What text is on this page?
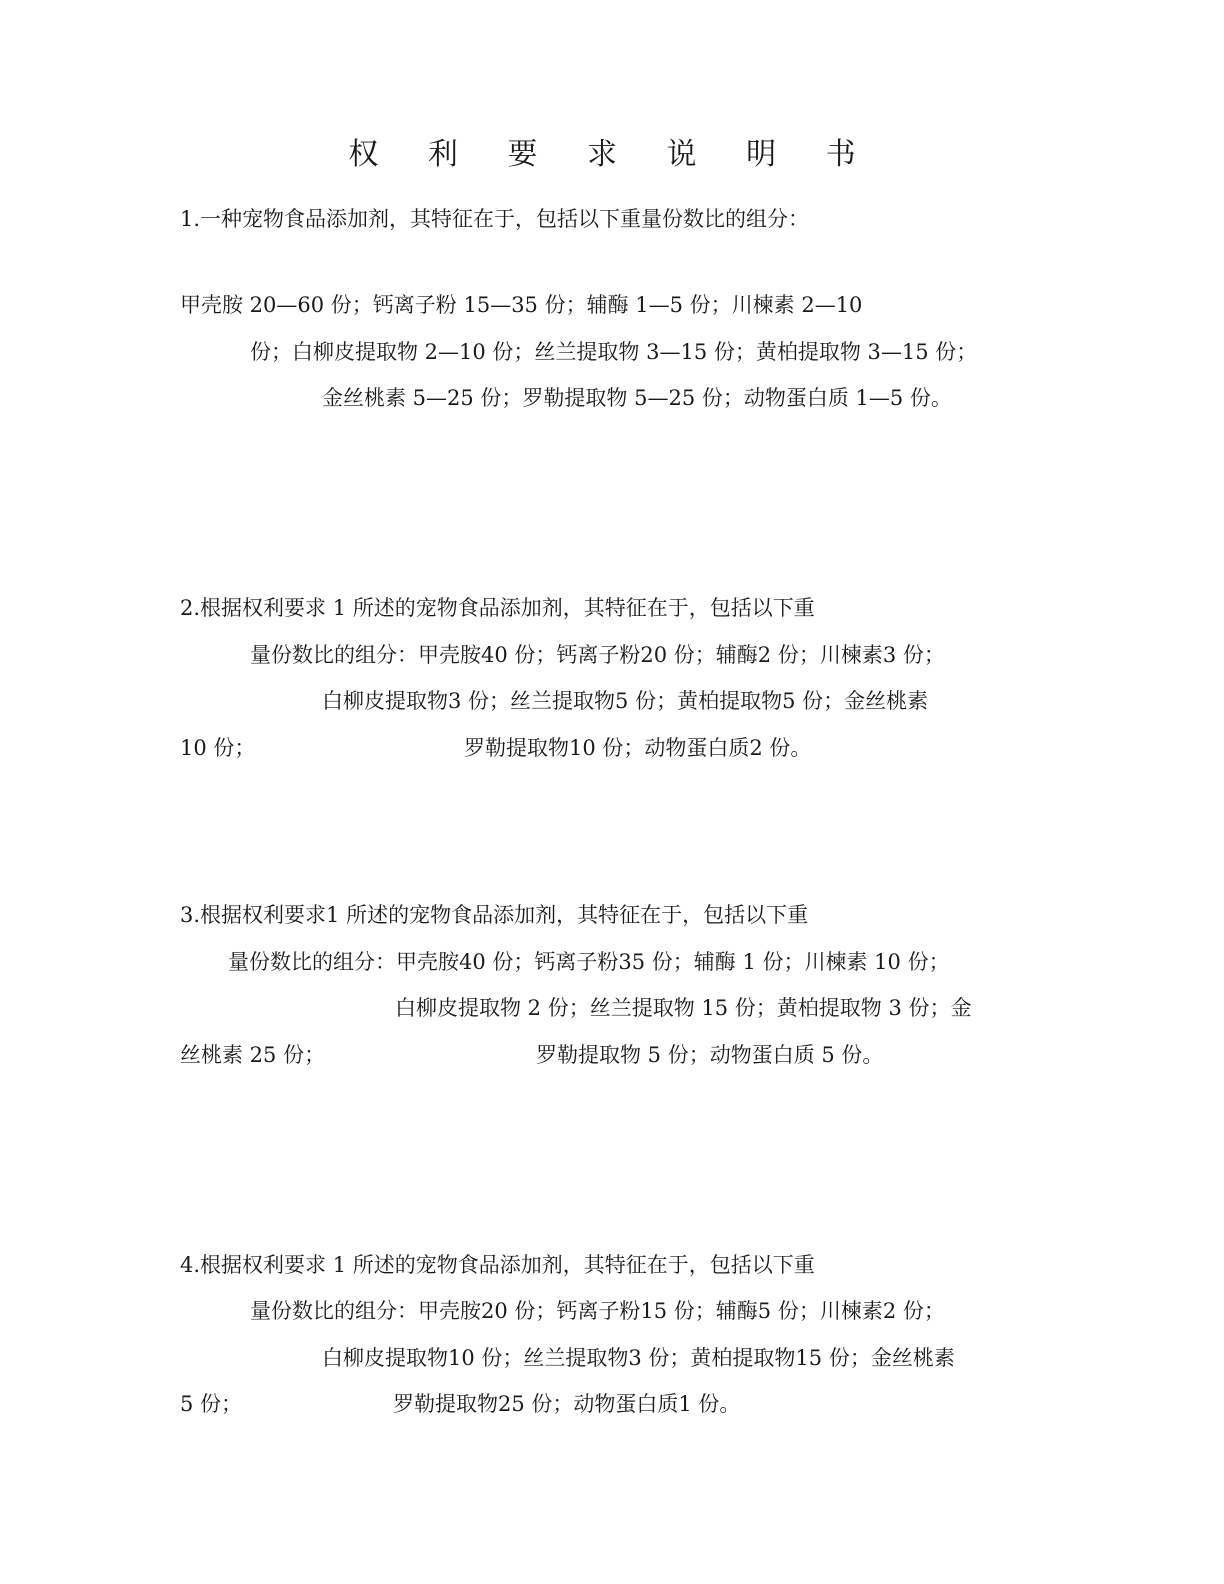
权 利 要 求 说 明 书

1.一种宠物食品添加剂，其特征在于，包括以下重量份数比的组分：

甲壳胺 20—60 份；钙离子粉 15—35 份；辅酶 1—5 份；川楝素 2—10

份；白柳皮提取物 2—10 份；丝兰提取物 3—15 份；黄柏提取物 3—15 份；

金丝桃素 5—25 份；罗勒提取物 5—25 份；动物蛋白质 1—5 份。

2.根据权利要求 1 所述的宠物食品添加剂，其特征在于，包括以下重

量份数比的组分：甲壳胺40 份；钙离子粉20 份；辅酶2 份；川楝素3 份；

白柳皮提取物3 份；丝兰提取物5 份；黄柏提取物5 份；金丝桃素

10 份；	罗勒提取物10 份；动物蛋白质2 份。

3.根据权利要求1 所述的宠物食品添加剂，其特征在于，包括以下重

量份数比的组分：甲壳胺40 份；钙离子粉35 份；辅酶 1 份；川楝素 10 份；

白柳皮提取物 2 份；丝兰提取物 15 份；黄柏提取物 3 份；金

丝桃素 25 份；	罗勒提取物 5 份；动物蛋白质 5 份。

4.根据权利要求 1 所述的宠物食品添加剂，其特征在于，包括以下重

量份数比的组分：甲壳胺20 份；钙离子粉15 份；辅酶5 份；川楝素2 份；

白柳皮提取物10 份；丝兰提取物3 份；黄柏提取物15 份；金丝桃素

5 份；	罗勒提取物25 份；动物蛋白质1 份。
